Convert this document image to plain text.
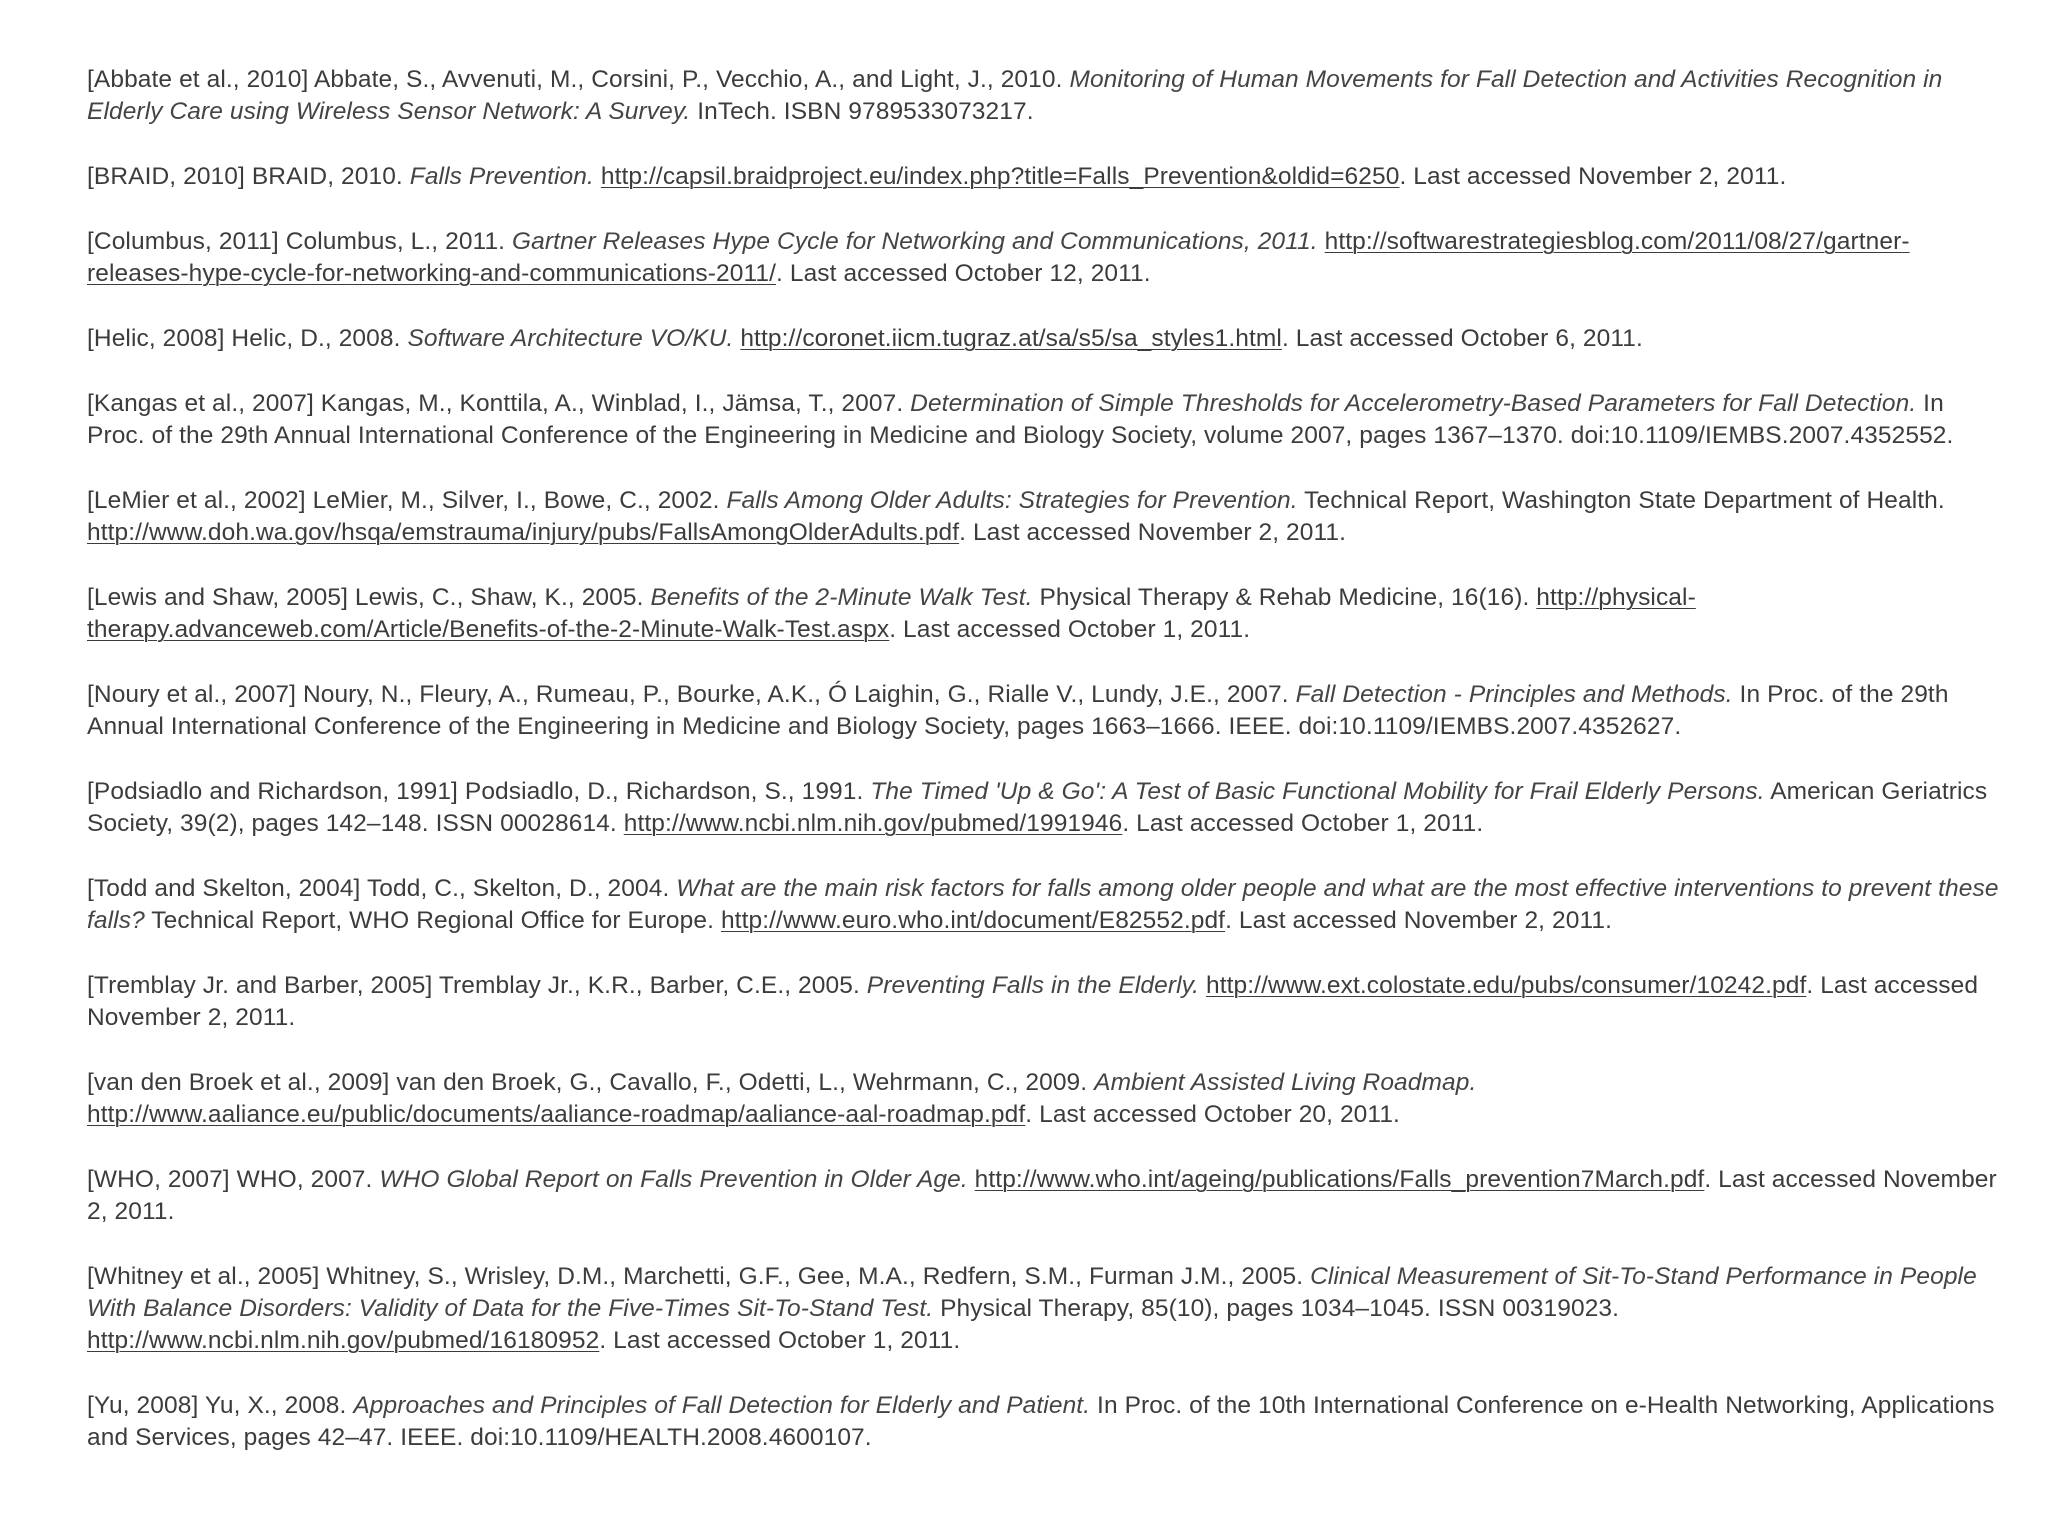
[Abbate et al., 2010] Abbate, S., Avvenuti, M., Corsini, P., Vecchio, A., and Light, J., 2010. Monitoring of Human Movements for Fall Detection and Activities Recognition in Elderly Care using Wireless Sensor Network: A Survey. InTech. ISBN 9789533073217.

[BRAID, 2010] BRAID, 2010. Falls Prevention. http://capsil.braidproject.eu/index.php?title=Falls_Prevention&oldid=6250. Last accessed November 2, 2011.

[Columbus, 2011] Columbus, L., 2011. Gartner Releases Hype Cycle for Networking and Communications, 2011. http://softwarestrategiesblog.com/2011/08/27/gartner-releases-hype-cycle-for-networking-and-communications-2011/. Last accessed October 12, 2011.

[Helic, 2008] Helic, D., 2008. Software Architecture VO/KU. http://coronet.iicm.tugraz.at/sa/s5/sa_styles1.html. Last accessed October 6, 2011.

[Kangas et al., 2007] Kangas, M., Konttila, A., Winblad, I., Jämsa, T., 2007. Determination of Simple Thresholds for Accelerometry-Based Parameters for Fall Detection. In Proc. of the 29th Annual International Conference of the Engineering in Medicine and Biology Society, volume 2007, pages 1367–1370. doi:10.1109/IEMBS.2007.4352552.

[LeMier et al., 2002] LeMier, M., Silver, I., Bowe, C., 2002. Falls Among Older Adults: Strategies for Prevention. Technical Report, Washington State Department of Health. http://www.doh.wa.gov/hsqa/emstrauma/injury/pubs/FallsAmongOlderAdults.pdf. Last accessed November 2, 2011.

[Lewis and Shaw, 2005] Lewis, C., Shaw, K., 2005. Benefits of the 2-Minute Walk Test. Physical Therapy & Rehab Medicine, 16(16). http://physical-therapy.advanceweb.com/Article/Benefits-of-the-2-Minute-Walk-Test.aspx. Last accessed October 1, 2011.

[Noury et al., 2007] Noury, N., Fleury, A., Rumeau, P., Bourke, A.K., Ó Laighin, G., Rialle V., Lundy, J.E., 2007. Fall Detection - Principles and Methods. In Proc. of the 29th Annual International Conference of the Engineering in Medicine and Biology Society, pages 1663–1666. IEEE. doi:10.1109/IEMBS.2007.4352627.

[Podsiadlo and Richardson, 1991] Podsiadlo, D., Richardson, S., 1991. The Timed 'Up & Go': A Test of Basic Functional Mobility for Frail Elderly Persons. American Geriatrics Society, 39(2), pages 142–148. ISSN 00028614. http://www.ncbi.nlm.nih.gov/pubmed/1991946. Last accessed October 1, 2011.

[Todd and Skelton, 2004] Todd, C., Skelton, D., 2004. What are the main risk factors for falls among older people and what are the most effective interventions to prevent these falls? Technical Report, WHO Regional Office for Europe. http://www.euro.who.int/document/E82552.pdf. Last accessed November 2, 2011.

[Tremblay Jr. and Barber, 2005] Tremblay Jr., K.R., Barber, C.E., 2005. Preventing Falls in the Elderly. http://www.ext.colostate.edu/pubs/consumer/10242.pdf. Last accessed November 2, 2011.

[van den Broek et al., 2009] van den Broek, G., Cavallo, F., Odetti, L., Wehrmann, C., 2009. Ambient Assisted Living Roadmap. http://www.aaliance.eu/public/documents/aaliance-roadmap/aaliance-aal-roadmap.pdf. Last accessed October 20, 2011.

[WHO, 2007] WHO, 2007. WHO Global Report on Falls Prevention in Older Age. http://www.who.int/ageing/publications/Falls_prevention7March.pdf. Last accessed November 2, 2011.

[Whitney et al., 2005] Whitney, S., Wrisley, D.M., Marchetti, G.F., Gee, M.A., Redfern, S.M., Furman J.M., 2005. Clinical Measurement of Sit-To-Stand Performance in People With Balance Disorders: Validity of Data for the Five-Times Sit-To-Stand Test. Physical Therapy, 85(10), pages 1034–1045. ISSN 00319023. http://www.ncbi.nlm.nih.gov/pubmed/16180952. Last accessed October 1, 2011.

[Yu, 2008] Yu, X., 2008. Approaches and Principles of Fall Detection for Elderly and Patient. In Proc. of the 10th International Conference on e-Health Networking, Applications and Services, pages 42–47. IEEE. doi:10.1109/HEALTH.2008.4600107.
